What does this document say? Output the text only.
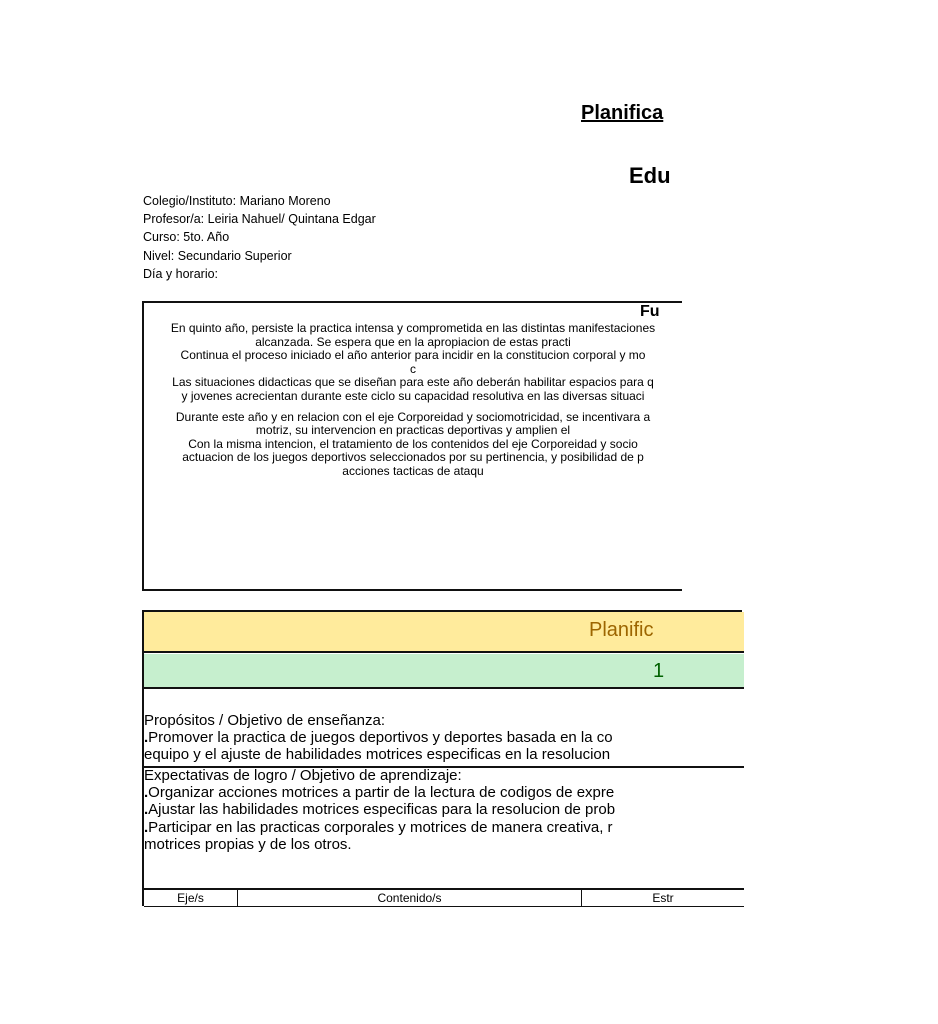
Planifica
Edu
Colegio/Instituto: Mariano Moreno
Profesor/a: Leiria Nahuel/ Quintana Edgar
Curso: 5to. Año
Nivel: Secundario Superior
Día y horario:
Fu

En quinto año, persiste la practica intensa y comprometida en las distintas manifestaciones

alcanzada. Se espera que en la apropiacion de estas practi

Continua el proceso iniciado el año anterior para incidir en la constitucion corporal y mo

c

Las situaciones didacticas que se diseñan para este año deberán habilitar espacios para q

y jovenes acrecientan durante este ciclo su capacidad resolutiva en las diversas situaci

Durante este año y en relacion con el eje Corporeidad y sociomotricidad, se incentivara a

motriz, su intervencion en practicas deportivas y amplien el

Con la misma intencion, el tratamiento de los contenidos del eje Corporeidad y socio

actuacion de los juegos deportivos seleccionados por su pertinencia, y posibilidad de p

acciones tacticas de ataqu

Planific
1
Propósitos / Objetivo de enseñanza:
.Promover la practica de juegos deportivos y deportes basada en la co
equipo y el ajuste de habilidades motrices especificas en la resolucion
Expectativas de logro / Objetivo de aprendizaje:
.Organizar acciones motrices a partir de la lectura de codigos de expre
.Ajustar las habilidades motrices especificas para la resolucion de prob
.Participar en las practicas corporales y motrices de manera creativa, r
motrices propias y de los otros.
Eje/s	Contenido/s	Estr
